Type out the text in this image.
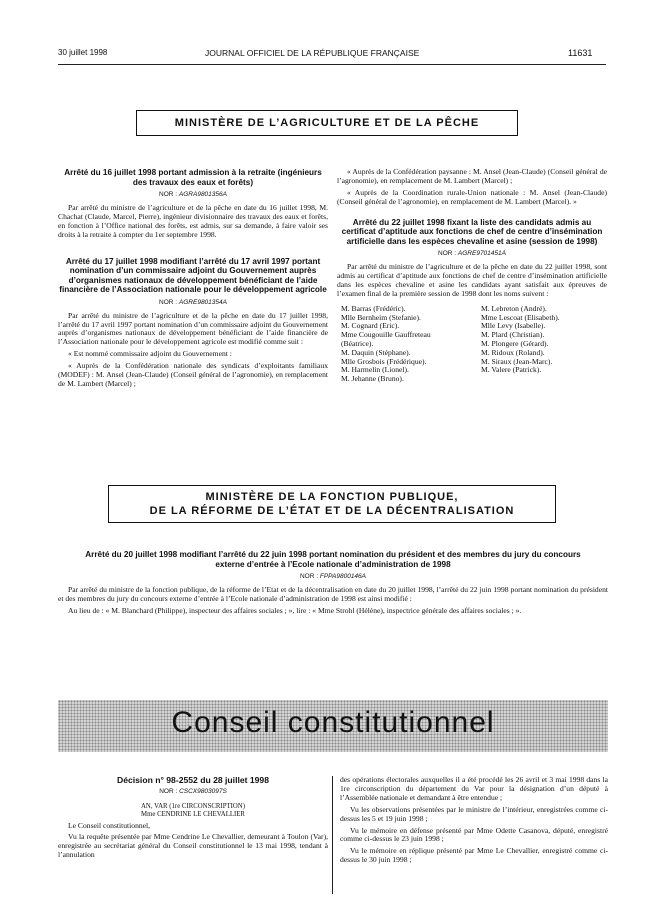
30 juillet 1998	JOURNAL OFFICIEL DE LA RÉPUBLIQUE FRANÇAISE	11631
MINISTÈRE DE L’AGRICULTURE ET DE LA PÊCHE

Arrêté du 16 juillet 1998 portant admission à la retraite (ingénieurs des travaux des eaux et forêts)

NOR : AGRA9801356A

Par arrêté du ministre de l’agriculture et de la pêche en date du 16 juillet 1998, M. Chachat (Claude, Marcel, Pierre), ingénieur divisionnaire des travaux des eaux et forêts, en fonction à l’Office national des forêts, est admis, sur sa demande, à faire valoir ses droits à la retraite à compter du 1er septembre 1998.

Arrêté du 17 juillet 1998 modifiant l’arrêté du 17 avril 1997 portant nomination d’un commissaire adjoint du Gouvernement auprès d’organismes nationaux de développement bénéficiant de l’aide financière de l’Association nationale pour le développement agricole

NOR : AGRE9801354A

Par arrêté du ministre de l’agriculture et de la pêche en date du 17 juillet 1998, l’arrêté du 17 avril 1997 portant nomination d’un commissaire adjoint du Gouvernement auprès d’organismes nationaux de développement bénéficiant de l’aide financière de l’Association nationale pour le développement agricole est modifié comme suit :

« Est nommé commissaire adjoint du Gouvernement :

« Auprès de la Confédération nationale des syndicats d’exploitants familiaux (MODEF) : M. Ansel (Jean-Claude) (Conseil général de l’agronomie), en remplacement de M. Lambert (Marcel) ;

« Auprès de la Confédération paysanne : M. Ansel (Jean-Claude) (Conseil général de l’agronomie), en remplacement de M. Lambert (Marcel) ;

« Auprès de la Coordination rurale-Union nationale : M. Ansel (Jean-Claude) (Conseil général de l’agronomie), en remplacement de M. Lambert (Marcel). »

Arrêté du 22 juillet 1998 fixant la liste des candidats admis au certificat d’aptitude aux fonctions de chef de centre d’insémination artificielle dans les espèces chevaline et asine (session de 1998)

NOR : AGRE9701451A

Par arrêté du ministre de l’agriculture et de la pêche en date du 22 juillet 1998, sont admis au certificat d’aptitude aux fonctions de chef de centre d’insémination artificielle dans les espèces chevaline et asine les candidats ayant satisfait aux épreuves de l’examen final de la première session de 1998 dont les noms suivent :

M. Barras (Frédéric).
Mlle Bernheim (Stefanie).
M. Cognard (Eric).
Mme Cougouille Gauffreteau (Béatrice).
M. Daquin (Stéphane).
Mlle Grosbois (Frédérique).
M. Harmelin (Lionel).
M. Jehanne (Bruno).
M. Lebreton (André).
Mme Lescoat (Elisabeth).
Mlle Levy (Isabelle).
M. Plard (Christian).
M. Plongere (Gérard).
M. Ridoux (Roland).
M. Siraux (Jean-Marc).
M. Valere (Patrick).
MINISTÈRE DE LA FONCTION PUBLIQUE,
DE LA RÉFORME DE L’ÉTAT ET DE LA DÉCENTRALISATION

Arrêté du 20 juillet 1998 modifiant l’arrêté du 22 juin 1998 portant nomination du président et des membres du jury du concours externe d’entrée à l’Ecole nationale d’administration de 1998

NOR : FPPA9800146A

Par arrêté du ministre de la fonction publique, de la réforme de l’Etat et de la décentralisation en date du 20 juillet 1998, l’arrêté du 22 juin 1998 portant nomination du président et des membres du jury du concours externe d’entrée à l’Ecole nationale d’administration de 1998 est ainsi modifié :

Au lieu de : « M. Blanchard (Philippe), inspecteur des affaires sociales ; », lire : « Mme Strohl (Hélène), inspectrice générale des affaires sociales ; ».

Conseil constitutionnel

Décision n° 98-2552 du 28 juillet 1998

NOR : CSCX9803097S
AN, VAR (1re CIRCONSCRIPTION)
Mme CENDRINE LE CHEVALLIER

Le Conseil constitutionnel,

Vu la requête présentée par Mme Cendrine Le Chevallier, demeurant à Toulon (Var), enregistrée au secrétariat général du Conseil constitutionnel le 13 mai 1998, tendant à l’annulation

des opérations électorales auxquelles il a été procédé les 26 avril et 3 mai 1998 dans la 1re circonscription du département du Var pour la désignation d’un député à l’Assemblée nationale et demandant à être entendue ;

Vu les observations présentées par le ministre de l’intérieur, enregistrées comme ci-dessus les 5 et 19 juin 1998 ;

Vu le mémoire en défense présenté par Mme Odette Casanova, député, enregistré comme ci-dessus le 23 juin 1998 ;

Vu le mémoire en réplique présenté par Mme Le Chevallier, enregistré comme ci-dessus le 30 juin 1998 ;
